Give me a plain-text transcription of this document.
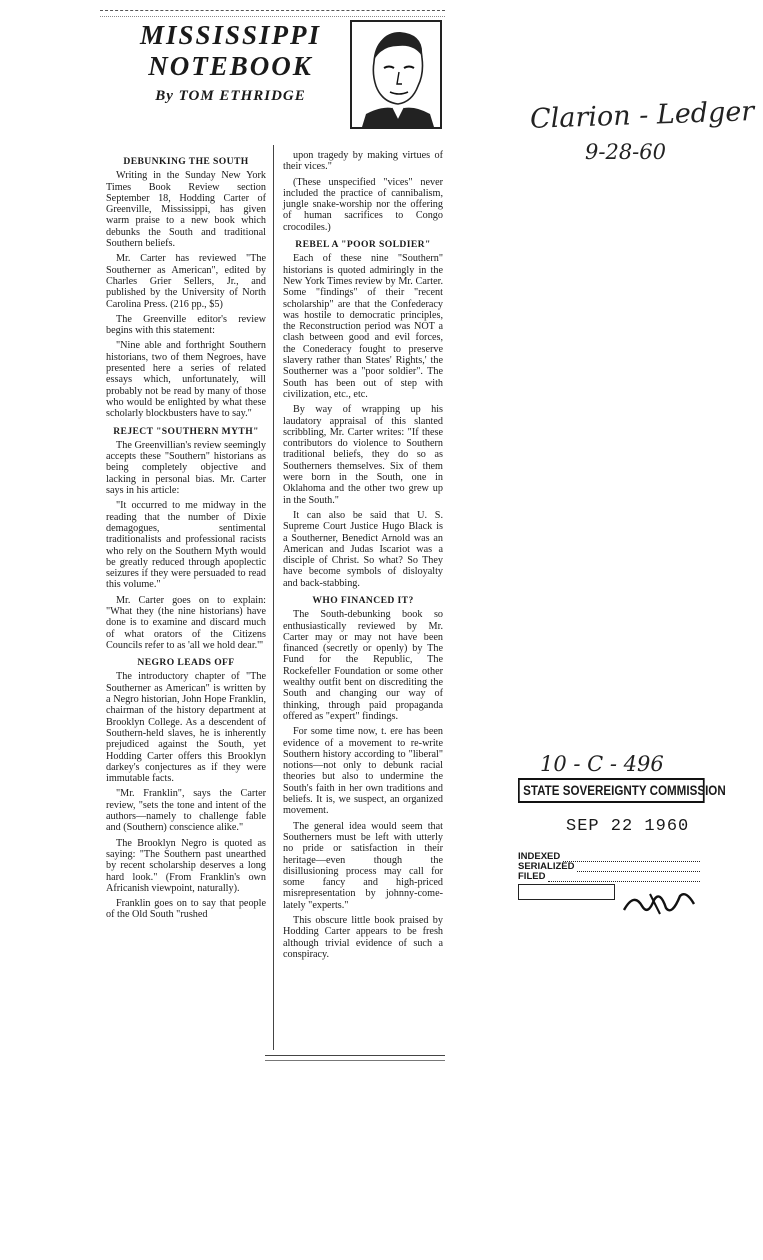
MISSISSIPPI
NOTEBOOK
By TOM ETHRIDGE
DEBUNKING THE SOUTH

Writing in the Sunday New York Times Book Review section September 18, Hodding Carter of Greenville, Mississippi, has given warm praise to a new book which debunks the South and traditional Southern beliefs.

Mr. Carter has reviewed "The Southerner as American", edited by Charles Grier Sellers, Jr., and published by the University of North Carolina Press. (216 pp., $5)

The Greenville editor's review begins with this statement:

"Nine able and forthright Southern historians, two of them Negroes, have presented here a series of related essays which, unfortunately, will probably not be read by many of those who would be enlighted by what these scholarly blockbusters have to say."

REJECT "SOUTHERN MYTH"

The Greenvillian's review seemingly accepts these "Southern" historians as being completely objective and lacking in personal bias. Mr. Carter says in his article:

"It occurred to me midway in the reading that the number of Dixie demagogues, sentimental traditionalists and professional racists who rely on the Southern Myth would be greatly reduced through apoplectic seizures if they were persuaded to read this volume."

Mr. Carter goes on to explain: "What they (the nine historians) have done is to examine and discard much of what orators of the Citizens Councils refer to as 'all we hold dear.'"

NEGRO LEADS OFF

The introductory chapter of "The Southerner as American" is written by a Negro historian, John Hope Franklin, chairman of the history department at Brooklyn College. As a descendent of Southern-held slaves, he is inherently prejudiced against the South, yet Hodding Carter offers this Brooklyn darkey's conjectures as if they were immutable facts.

"Mr. Franklin", says the Carter review, "sets the tone and intent of the authors—namely to challenge fable and (Southern) conscience alike."

The Brooklyn Negro is quoted as saying: "The Southern past unearthed by recent scholarship deserves a long hard look." (From Franklin's own Africanish viewpoint, naturally).

Franklin goes on to say that people of the Old South "rushed

upon tragedy by making virtues of their vices."

(These unspecified "vices" never included the practice of cannibalism, jungle snake-worship nor the offering of human sacrifices to Congo crocodiles.)

REBEL A "POOR SOLDIER"

Each of these nine "Southern" historians is quoted admiringly in the New York Times review by Mr. Carter. Some "findings" of their "recent scholarship" are that the Confederacy was hostile to democratic principles, the Reconstruction period was NOT a clash between good and evil forces, the Conederacy fought to preserve slavery rather than States' Rights,' the Southerner was a "poor soldier". The South has been out of step with civilization, etc., etc.

By way of wrapping up his laudatory appraisal of this slanted scribbling, Mr. Carter writes: "If these contributors do violence to Southern traditional beliefs, they do so as Southerners themselves. Six of them were born in the South, one in Oklahoma and the other two grew up in the South."

It can also be said that U. S. Supreme Court Justice Hugo Black is a Southerner, Benedict Arnold was an American and Judas Iscariot was a disciple of Christ. So what? So They have become symbols of disloyalty and back-stabbing.

WHO FINANCED IT?

The South-debunking book so enthusiastically reviewed by Mr. Carter may or may not have been financed (secretly or openly) by The Fund for the Republic, The Rockefeller Foundation or some other wealthy outfit bent on discrediting the South and changing our way of thinking, through paid propaganda offered as "expert" findings.

For some time now, t. ere has been evidence of a movement to re-write Southern history according to "liberal" notions—not only to debunk racial theories but also to undermine the South's faith in her own traditions and beliefs. It is, we suspect, an organized movement.

The general idea would seem that Southerners must be left with utterly no pride or satisfaction in their heritage—even though the disillusioning process may call for some fancy and high-priced misrepresentation by johnny-come-lately "experts."

This obscure little book praised by Hodding Carter appears to be fresh although trivial evidence of such a conspiracy.

Clarion - Ledger
9-28-60
10 - C - 496
STATE SOVEREIGNTY COMMISSION
SEP 22 1960
INDEXED
SERIALIZED
FILED
